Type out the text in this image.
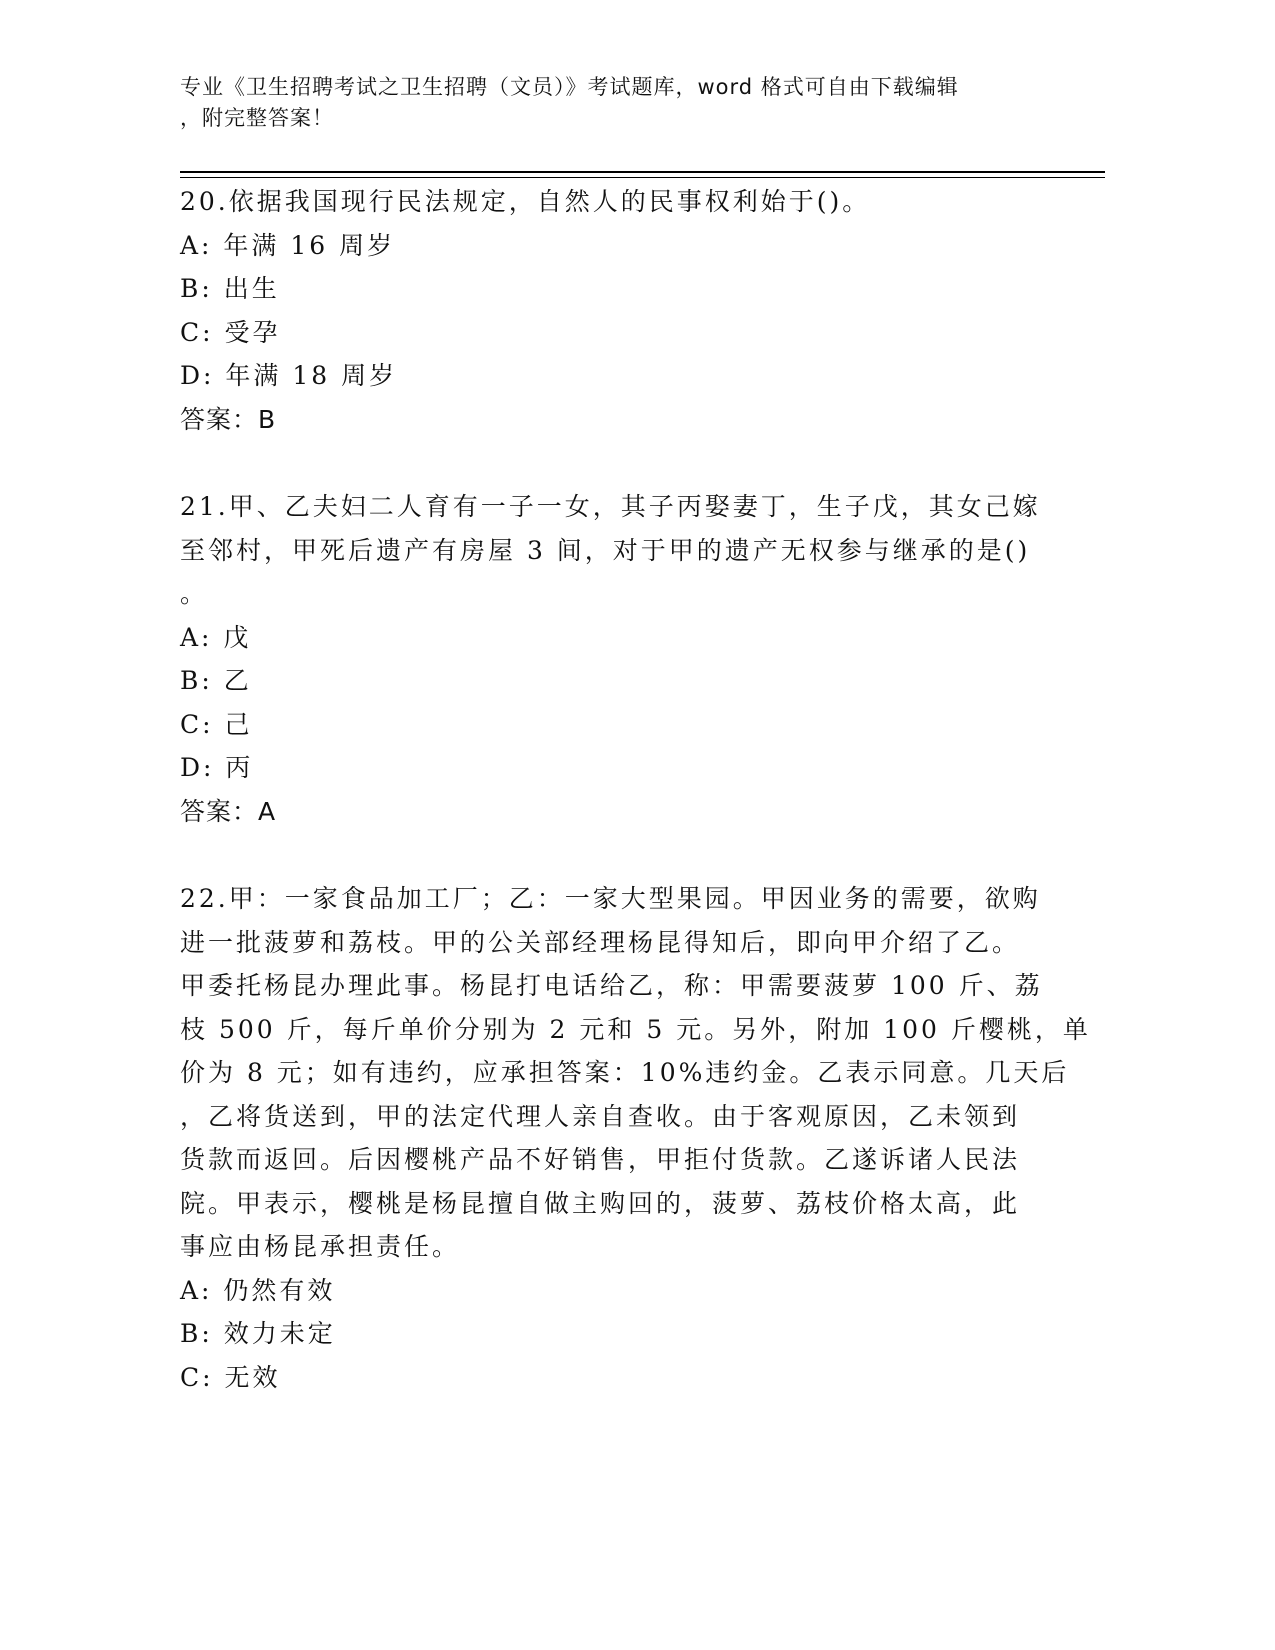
专业《卫生招聘考试之卫生招聘（文员）》考试题库，word 格式可自由下载编辑
，附完整答案！
20.依据我国现行民法规定，自然人的民事权利始于()。
A: 年满 16 周岁
B: 出生
C: 受孕
D: 年满 18 周岁
答案：B
21.甲、乙夫妇二人育有一子一女，其子丙娶妻丁，生子戊，其女己嫁
至邻村，甲死后遗产有房屋 3 间，对于甲的遗产无权参与继承的是()
。
A: 戊
B: 乙
C: 己
D: 丙
答案：A
22.甲：一家食品加工厂；乙：一家大型果园。甲因业务的需要，欲购
进一批菠萝和荔枝。甲的公关部经理杨昆得知后，即向甲介绍了乙。
甲委托杨昆办理此事。杨昆打电话给乙，称：甲需要菠萝 100 斤、荔
枝 500 斤，每斤单价分别为 2 元和 5 元。另外，附加 100 斤樱桃，单
价为 8 元；如有违约，应承担答案：10%违约金。乙表示同意。几天后
，乙将货送到，甲的法定代理人亲自查收。由于客观原因，乙未领到
货款而返回。后因樱桃产品不好销售，甲拒付货款。乙遂诉诸人民法
院。甲表示，樱桃是杨昆擅自做主购回的，菠萝、荔枝价格太高，此
事应由杨昆承担责任。
A: 仍然有效
B: 效力未定
C: 无效
